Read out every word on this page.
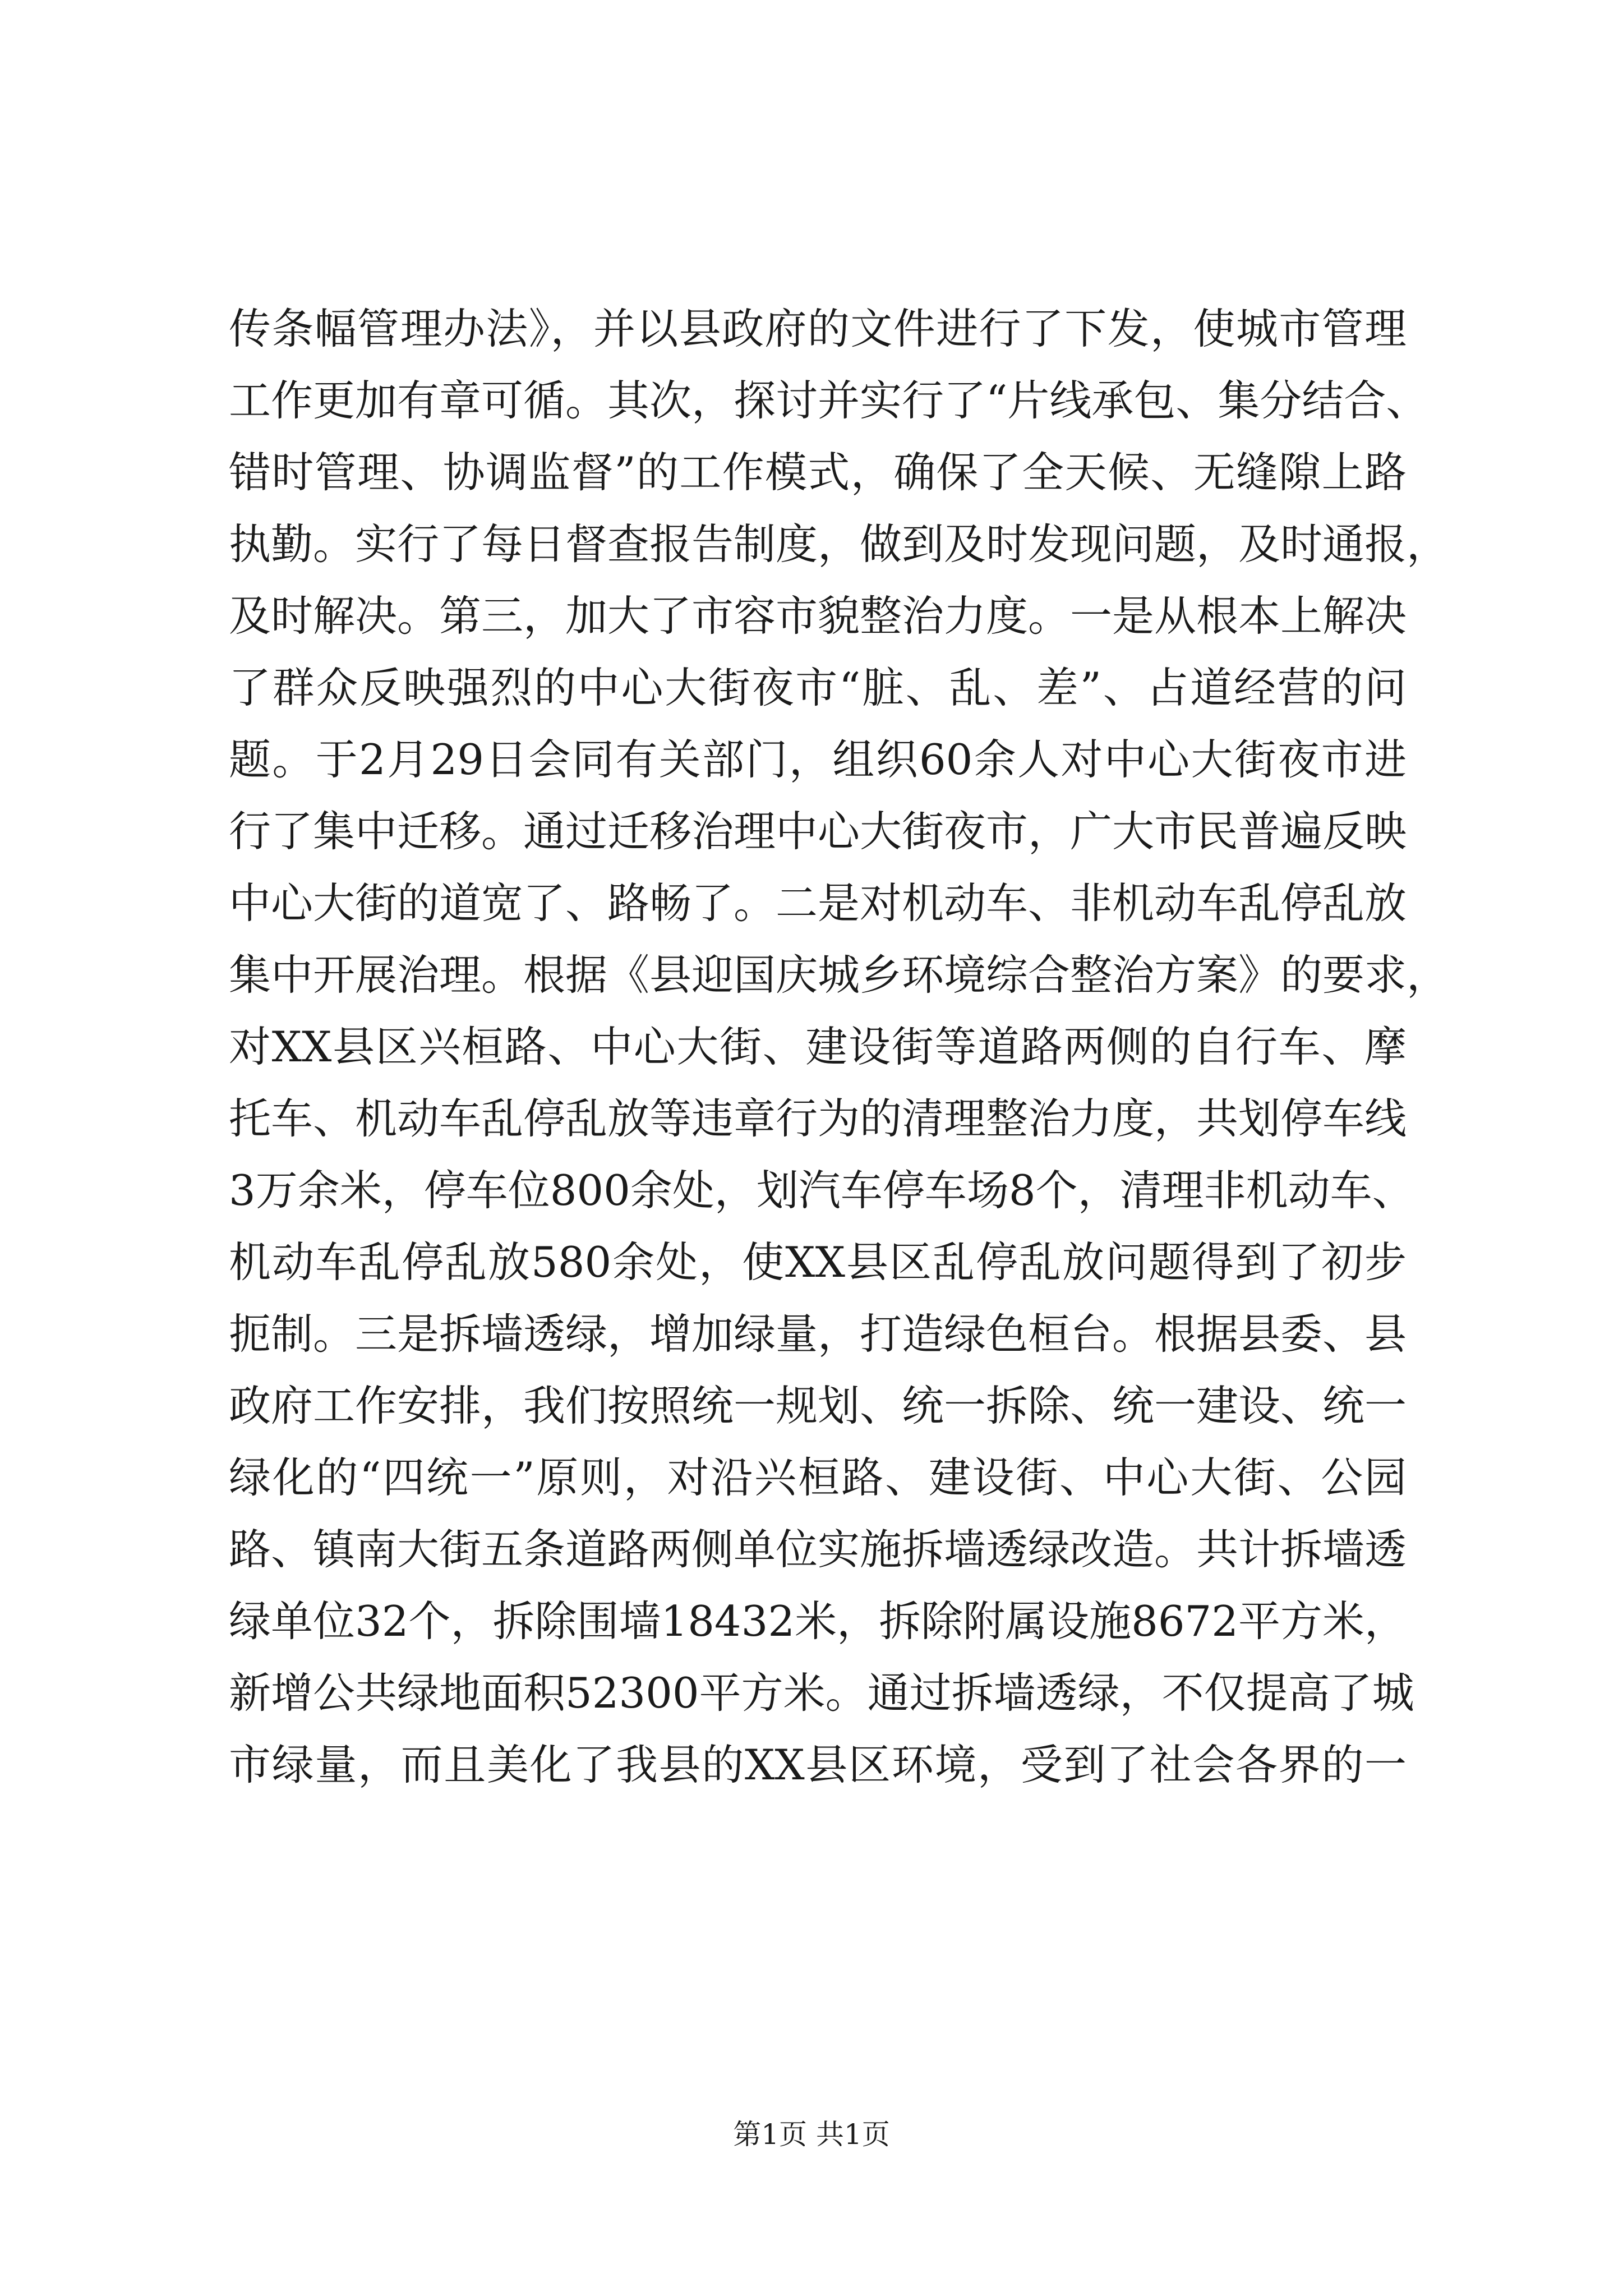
传条幅管理办法》，并以县政府的文件进行了下发，使城市管理
工作更加有章可循。其次，探讨并实行了“片线承包、集分结合、
错时管理、协调监督”的工作模式，确保了全天候、无缝隙上路
执勤。实行了每日督查报告制度，做到及时发现问题，及时通报，
及时解决。第三，加大了市容市貌整治力度。一是从根本上解决
了群众反映强烈的中心大街夜市“脏、乱、差”、占道经营的问
题。于2月29日会同有关部门，组织60余人对中心大街夜市进
行了集中迁移。通过迁移治理中心大街夜市，广大市民普遍反映
中心大街的道宽了、路畅了。二是对机动车、非机动车乱停乱放
集中开展治理。根据《县迎国庆城乡环境综合整治方案》的要求，
对XX县区兴桓路、中心大街、建设街等道路两侧的自行车、摩
托车、机动车乱停乱放等违章行为的清理整治力度，共划停车线
3万余米，停车位800余处，划汽车停车场8个，清理非机动车、
机动车乱停乱放580余处，使XX县区乱停乱放问题得到了初步
扼制。三是拆墙透绿，增加绿量，打造绿色桓台。根据县委、县
政府工作安排，我们按照统一规划、统一拆除、统一建设、统一
绿化的“四统一”原则，对沿兴桓路、建设街、中心大街、公园
路、镇南大街五条道路两侧单位实施拆墙透绿改造。共计拆墙透
绿单位32个，拆除围墙18432米，拆除附属设施8672平方米，
新增公共绿地面积52300平方米。通过拆墙透绿，不仅提高了城
市绿量，而且美化了我县的XX县区环境，受到了社会各界的一
第1页 共1页
